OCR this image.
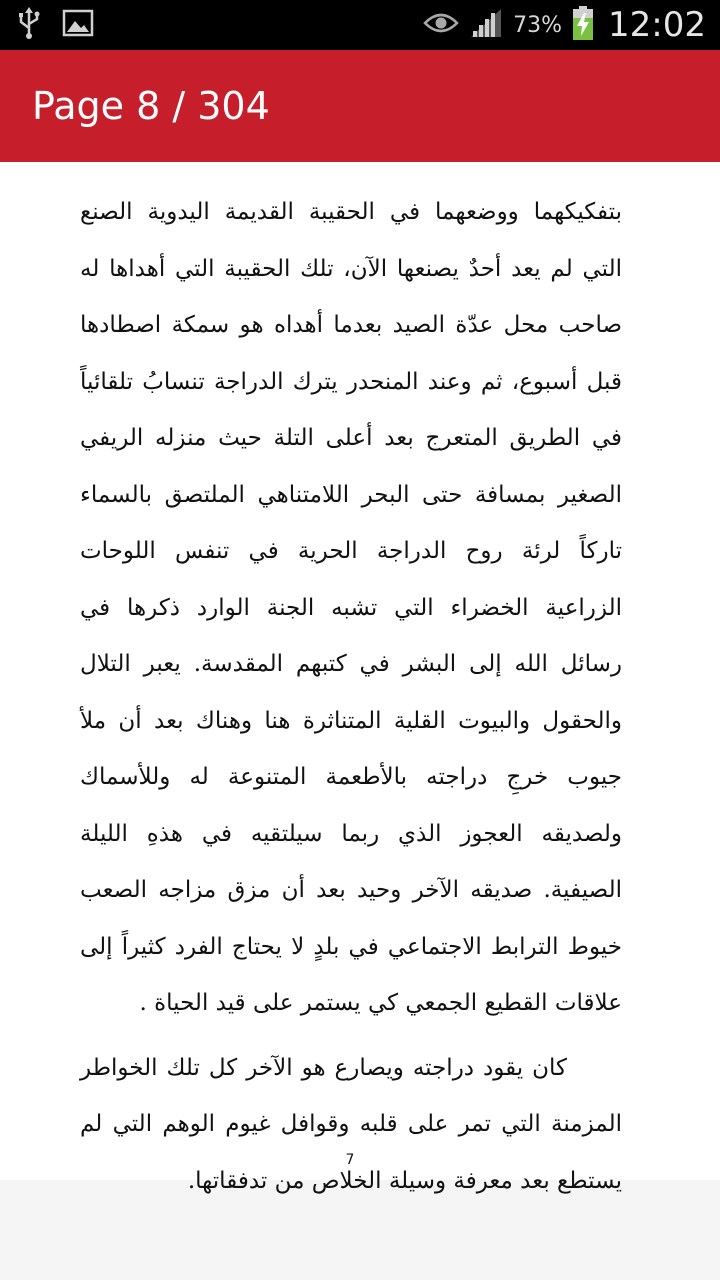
73% 12:02
Page 8 / 304

بتفكيكهما ووضعهما في الحقيبة القديمة اليدوية الصنع التي لم يعد أحدٌ يصنعها الآن، تلك الحقيبة التي أهداها له صاحب محل عدّة الصيد بعدما أهداه هو سمكة اصطادها قبل أسبوع، ثم وعند المنحدر يترك الدراجة تنسابُ تلقائياً في الطريق المتعرج بعد أعلى التلة حيث منزله الريفي الصغير بمسافة حتى البحر اللامتناهي الملتصق بالسماء تاركاً لرئة روح الدراجة الحرية في تنفس اللوحات الزراعية الخضراء التي تشبه الجنة الوارد ذكرها في رسائل الله إلى البشر في كتبهم المقدسة. يعبر التلال والحقول والبيوت القلية المتناثرة هنا وهناك بعد أن ملأ جيوب خرجِ دراجته بالأطعمة المتنوعة له وللأسماك ولصديقه العجوز الذي ربما سيلتقيه في هذهِ الليلة الصيفية. صديقه الآخر وحيد بعد أن مزق مزاجه الصعب خيوط الترابط الاجتماعي في بلدٍ لا يحتاج الفرد كثيراً إلى علاقات القطيع الجمعي كي يستمر على قيد الحياة .

كان يقود دراجته ويصارع هو الآخر كل تلك الخواطر المزمنة التي تمر على قلبه وقوافل غيوم الوهم التي لم يستطع بعد معرفة وسيلة الخلاص من تدفقاتها.

7
